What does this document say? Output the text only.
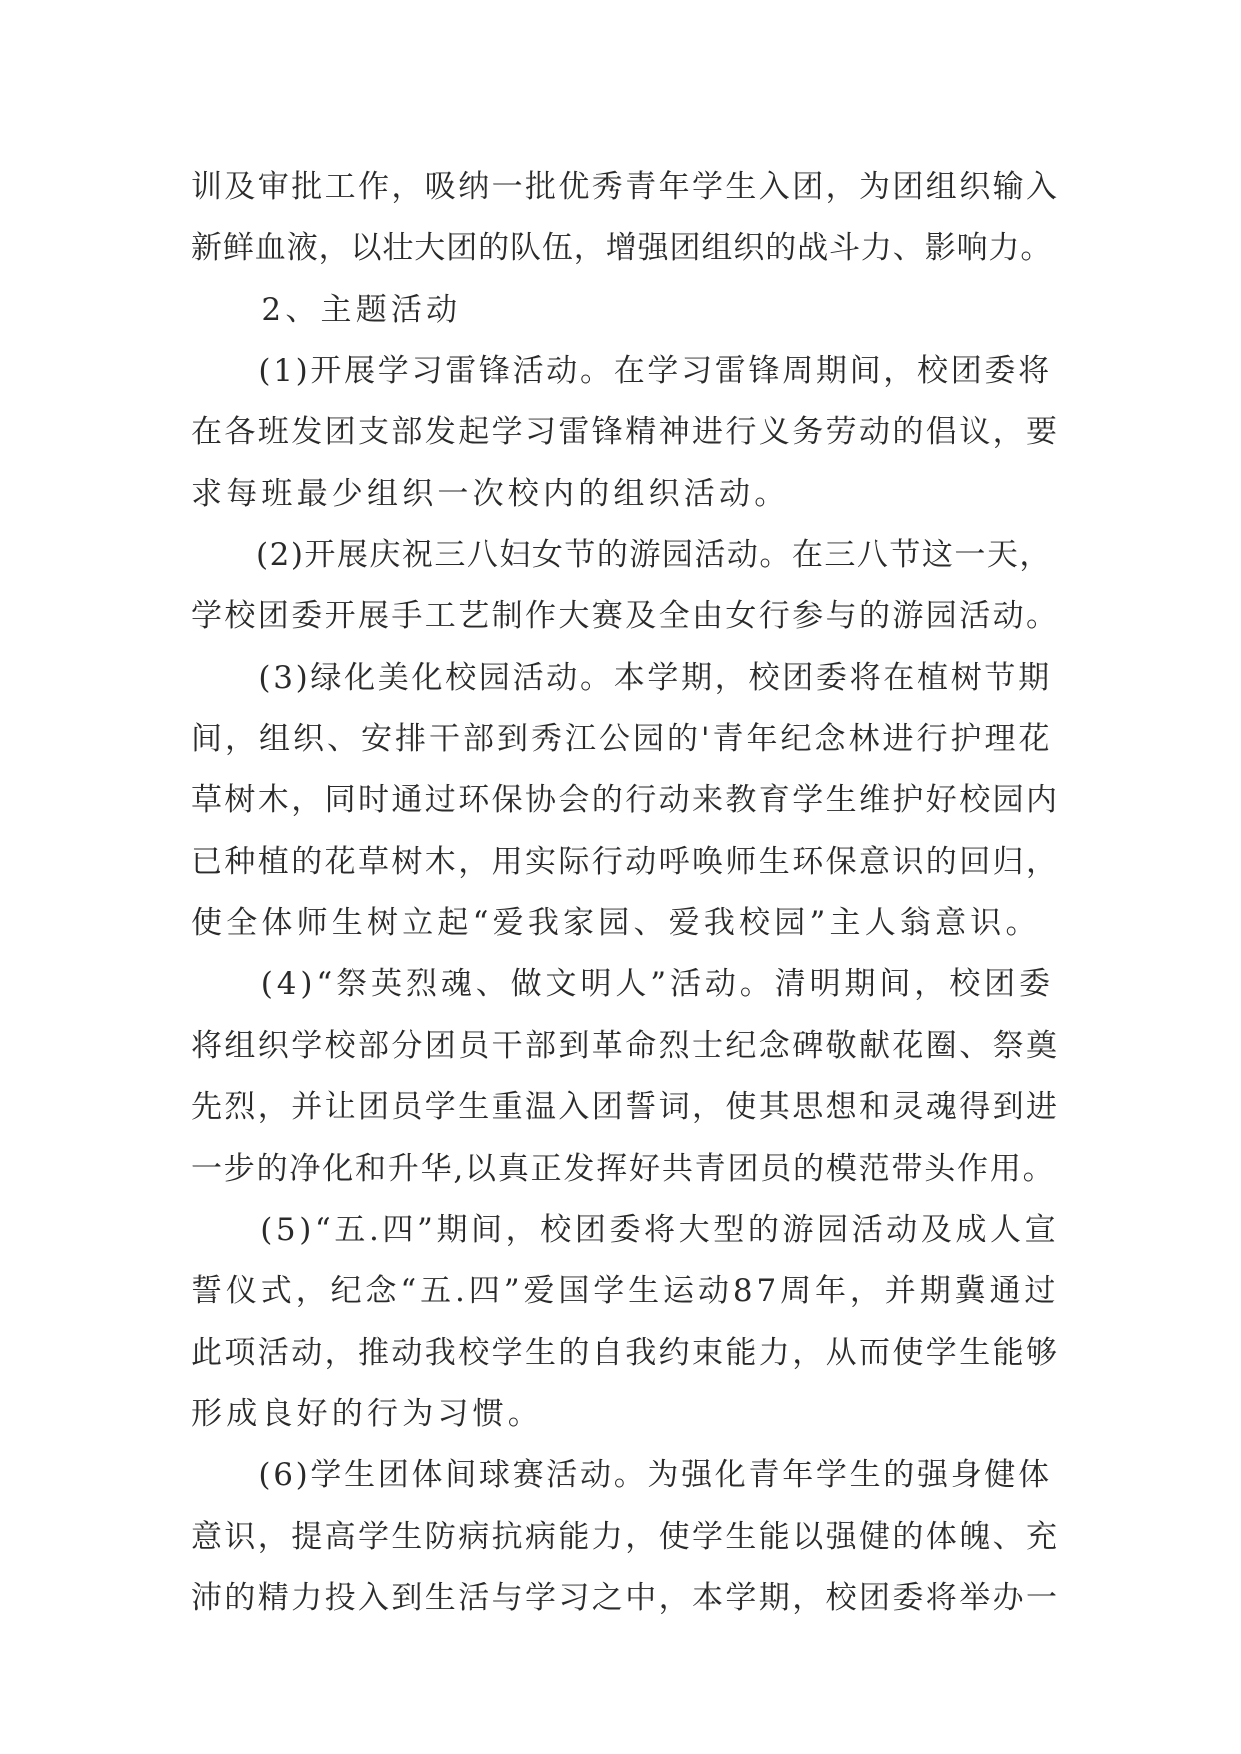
训及审批工作，吸纳一批优秀青年学生入团，为团组织输入
新鲜血液，以壮大团的队伍，增强团组织的战斗力、影响力。
　　2、主题活动
　　(1)开展学习雷锋活动。在学习雷锋周期间，校团委将
在各班发团支部发起学习雷锋精神进行义务劳动的倡议，要
求每班最少组织一次校内的组织活动。
　　(2)开展庆祝三八妇女节的游园活动。在三八节这一天，
学校团委开展手工艺制作大赛及全由女行参与的游园活动。
　　(3)绿化美化校园活动。本学期，校团委将在植树节期
间，组织、安排干部到秀江公园的'青年纪念林进行护理花
草树木，同时通过环保协会的行动来教育学生维护好校园内
已种植的花草树木，用实际行动呼唤师生环保意识的回归，
使全体师生树立起“爱我家园、爱我校园”主人翁意识。
　　(4)“祭英烈魂、做文明人”活动。清明期间，校团委
将组织学校部分团员干部到革命烈士纪念碑敬献花圈、祭奠
先烈，并让团员学生重温入团誓词，使其思想和灵魂得到进
一步的净化和升华,以真正发挥好共青团员的模范带头作用。
　　(5)“五.四”期间，校团委将大型的游园活动及成人宣
誓仪式，纪念“五.四”爱国学生运动87周年，并期冀通过
此项活动，推动我校学生的自我约束能力，从而使学生能够
形成良好的行为习惯。
　　(6)学生团体间球赛活动。为强化青年学生的强身健体
意识，提高学生防病抗病能力，使学生能以强健的体魄、充
沛的精力投入到生活与学习之中，本学期，校团委将举办一
